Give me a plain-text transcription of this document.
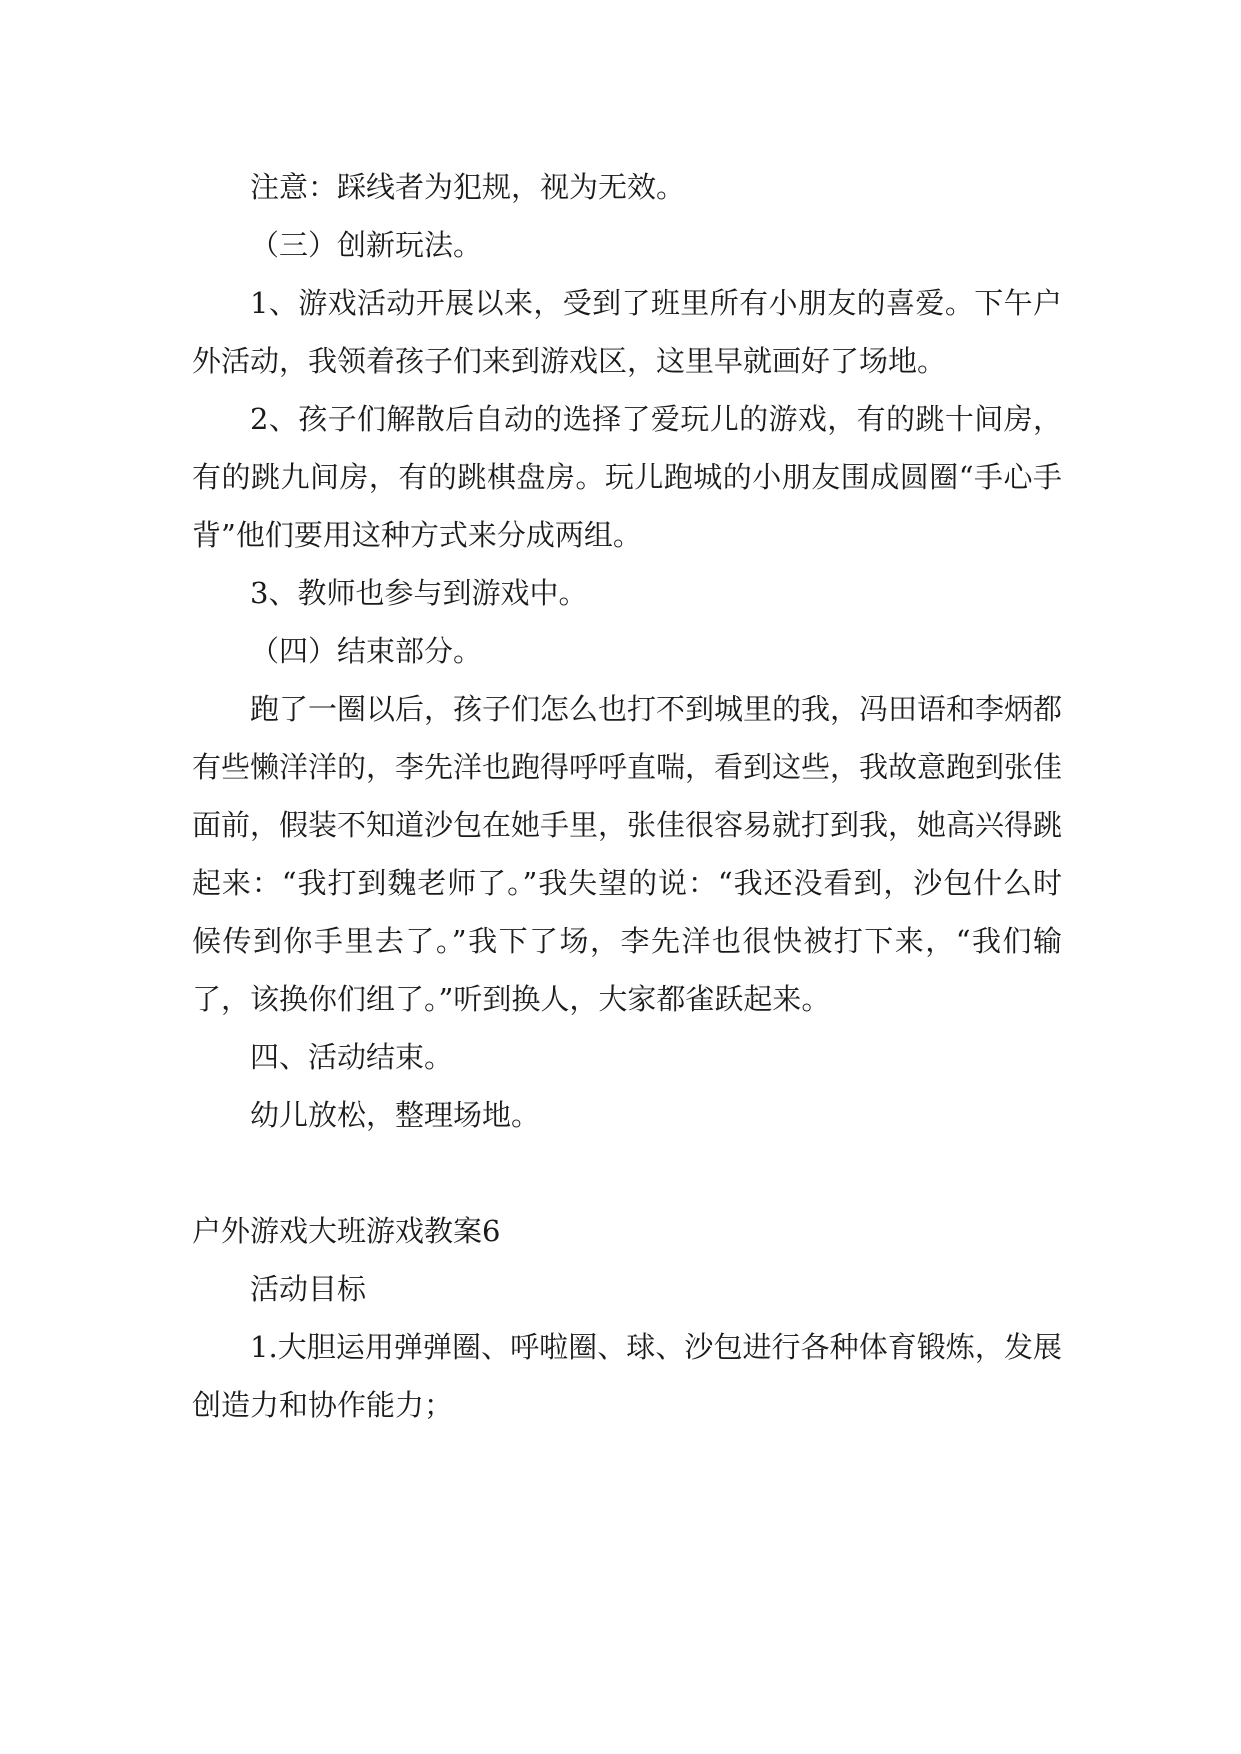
注意：踩线者为犯规，视为无效。

（三）创新玩法。

1、游戏活动开展以来，受到了班里所有小朋友的喜爱。下午户外活动，我领着孩子们来到游戏区，这里早就画好了场地。

2、孩子们解散后自动的选择了爱玩儿的游戏，有的跳十间房，有的跳九间房，有的跳棋盘房。玩儿跑城的小朋友围成圆圈“手心手背”他们要用这种方式来分成两组。

3、教师也参与到游戏中。

（四）结束部分。

跑了一圈以后，孩子们怎么也打不到城里的我，冯田语和李炳都有些懒洋洋的，李先洋也跑得呼呼直喘，看到这些，我故意跑到张佳面前，假装不知道沙包在她手里，张佳很容易就打到我，她高兴得跳起来：“我打到魏老师了。”我失望的说：“我还没看到，沙包什么时候传到你手里去了。”我下了场，李先洋也很快被打下来，“我们输了，该换你们组了。”听到换人，大家都雀跃起来。

四、活动结束。

幼儿放松，整理场地。

户外游戏大班游戏教案6

活动目标

1.大胆运用弹弹圈、呼啦圈、球、沙包进行各种体育锻炼，发展创造力和协作能力；
